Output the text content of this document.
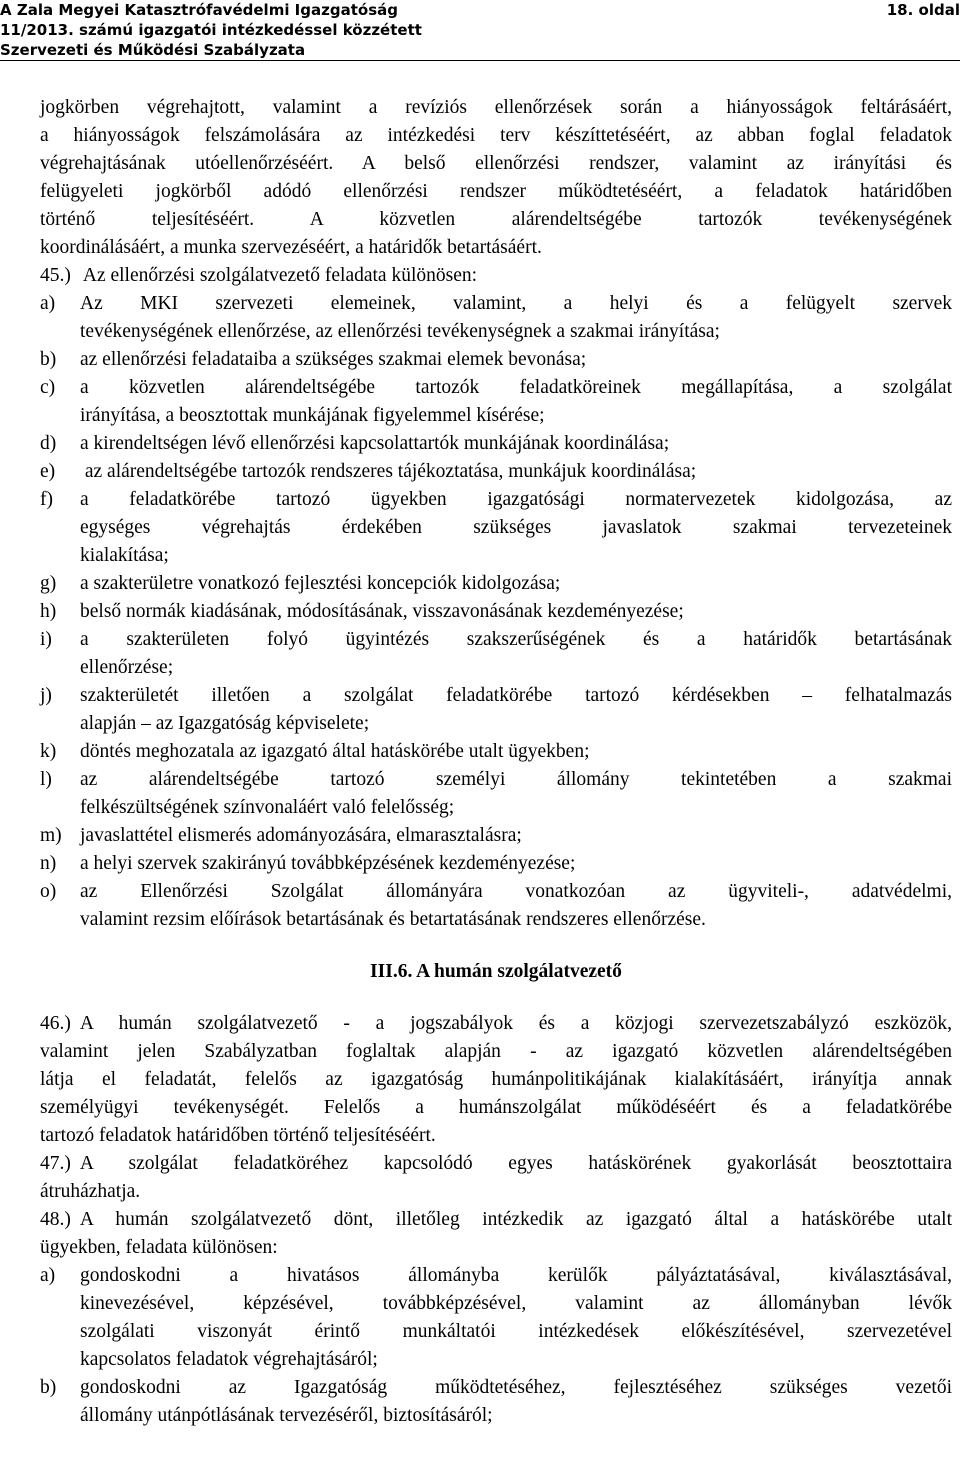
A Zala Megyei Katasztrófavédelmi Igazgatóság	18. oldal
11/2013. számú igazgatói intézkedéssel közzétett
Szervezeti és Működési Szabályzata
jogkörben végrehajtott, valamint a revíziós ellenőrzések során a hiányosságok feltárásáért,
a hiányosságok felszámolására az intézkedési terv készíttetéséért, az abban foglal feladatok
végrehajtásának utóellenőrzéséért. A belső ellenőrzési rendszer, valamint az irányítási és
felügyeleti jogkörből adódó ellenőrzési rendszer működtetéséért, a feladatok határidőben
történő teljesítéséért. A közvetlen alárendeltségébe tartozók tevékenységének
koordinálásáért, a munka szervezéséért, a határidők betartásáért.
45.) Az ellenőrzési szolgálatvezető feladata különösen:
a)	Az MKI szervezeti elemeinek, valamint, a helyi és a felügyelt szervek
tevékenységének ellenőrzése, az ellenőrzési tevékenységnek a szakmai irányítása;
b)	az ellenőrzési feladataiba a szükséges szakmai elemek bevonása;
c)	a közvetlen alárendeltségébe tartozók feladatköreinek megállapítása, a szolgálat
irányítása, a beosztottak munkájának figyelemmel kísérése;
d)	a kirendeltségen lévő ellenőrzési kapcsolattartók munkájának koordinálása;
e)	az alárendeltségébe tartozók rendszeres tájékoztatása, munkájuk koordinálása;
f)	a feladatkörébe tartozó ügyekben igazgatósági normatervezetek kidolgozása, az
egységes végrehajtás érdekében szükséges javaslatok szakmai tervezeteinek
kialakítása;
g)	a szakterületre vonatkozó fejlesztési koncepciók kidolgozása;
h)	belső normák kiadásának, módosításának, visszavonásának kezdeményezése;
i)	a szakterületen folyó ügyintézés szakszerűségének és a határidők betartásának
ellenőrzése;
j)	szakterületét illetően a szolgálat feladatkörébe tartozó kérdésekben – felhatalmazás
alapján – az Igazgatóság képviselete;
k)	döntés meghozatala az igazgató által hatáskörébe utalt ügyekben;
l)	az alárendeltségébe tartozó személyi állomány tekintetében a szakmai
felkészültségének színvonaláért való felelősség;
m) javaslattétel elismerés adományozására, elmarasztalásra;
n)	a helyi szervek szakirányú továbbképzésének kezdeményezése;
o)	az Ellenőrzési Szolgálat állományára vonatkozóan az ügyviteli-, adatvédelmi,
valamint rezsim előírások betartásának és betartatásának rendszeres ellenőrzése.
III.6. A humán szolgálatvezető
46.) A humán szolgálatvezető - a jogszabályok és a közjogi szervezetszabályzó eszközök,
valamint jelen Szabályzatban foglaltak alapján - az igazgató közvetlen alárendeltségében
látja el feladatát, felelős az igazgatóság humánpolitikájának kialakításáért, irányítja annak
személyügyi tevékenységét. Felelős a humánszolgálat működéséért és a feladatkörébe
tartozó feladatok határidőben történő teljesítéséért.
47.) A szolgálat feladatköréhez kapcsolódó egyes hatáskörének gyakorlását beosztottaira
átruházhatja.
48.) A humán szolgálatvezető dönt, illetőleg intézkedik az igazgató által a hatáskörébe utalt
ügyekben, feladata különösen:
a)	gondoskodni a hivatásos állományba kerülők pályáztatásával, kiválasztásával,
kinevezésével, képzésével, továbbképzésével, valamint az állományban lévők
szolgálati viszonyát érintő munkáltatói intézkedések előkészítésével, szervezetével
kapcsolatos feladatok végrehajtásáról;
b)	gondoskodni az Igazgatóság működtetéséhez, fejlesztéséhez szükséges vezetői
állomány utánpótlásának tervezéséről, biztosításáról;
